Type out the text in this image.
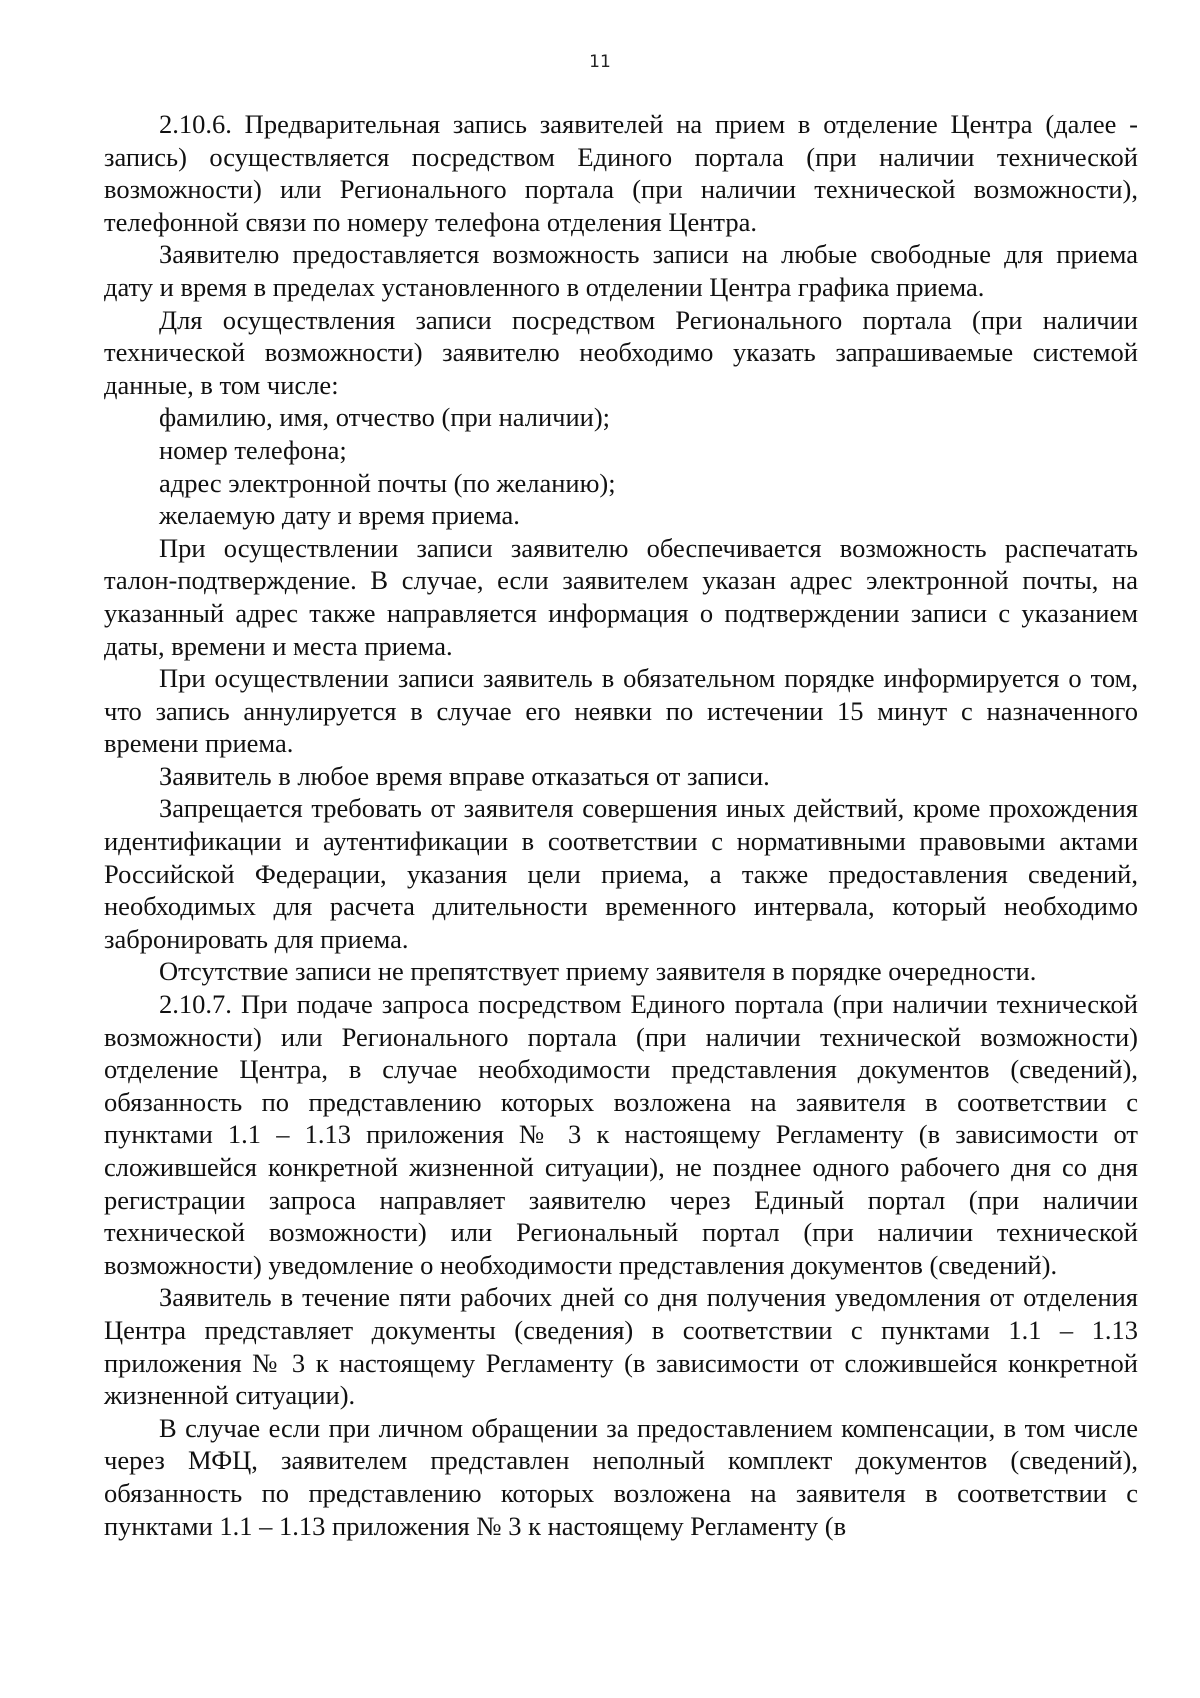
11

2.10.6. Предварительная запись заявителей на прием в отделение Центра (далее - запись) осуществляется посредством Единого портала (при наличии технической возможности) или Регионального портала (при наличии технической возможности), телефонной связи по номеру телефона отделения Центра.

Заявителю предоставляется возможность записи на любые свободные для приема дату и время в пределах установленного в отделении Центра графика приема.

Для осуществления записи посредством Регионального портала (при наличии технической возможности) заявителю необходимо указать запрашиваемые системой данные, в том числе:

фамилию, имя, отчество (при наличии);

номер телефона;

адрес электронной почты (по желанию);

желаемую дату и время приема.

При осуществлении записи заявителю обеспечивается возможность распечатать талон-подтверждение. В случае, если заявителем указан адрес электронной почты, на указанный адрес также направляется информация о подтверждении записи с указанием даты, времени и места приема.

При осуществлении записи заявитель в обязательном порядке информируется о том, что запись аннулируется в случае его неявки по истечении 15 минут с назначенного времени приема.

Заявитель в любое время вправе отказаться от записи.

Запрещается требовать от заявителя совершения иных действий, кроме прохождения идентификации и аутентификации в соответствии с нормативными правовыми актами Российской Федерации, указания цели приема, а также предоставления сведений, необходимых для расчета длительности временного интервала, который необходимо забронировать для приема.

Отсутствие записи не препятствует приему заявителя в порядке очередности.

2.10.7. При подаче запроса посредством Единого портала (при наличии технической возможности) или Регионального портала (при наличии технической возможности) отделение Центра, в случае необходимости представления документов (сведений), обязанность по представлению которых возложена на заявителя в соответствии с пунктами 1.1 – 1.13 приложения № 3 к настоящему Регламенту (в зависимости от сложившейся конкретной жизненной ситуации), не позднее одного рабочего дня со дня регистрации запроса направляет заявителю через Единый портал (при наличии технической возможности) или Региональный портал (при наличии технической возможности) уведомление о необходимости представления документов (сведений).

Заявитель в течение пяти рабочих дней со дня получения уведомления от отделения Центра представляет документы (сведения) в соответствии с пунктами 1.1 – 1.13 приложения № 3 к настоящему Регламенту (в зависимости от сложившейся конкретной жизненной ситуации).

В случае если при личном обращении за предоставлением компенсации, в том числе через МФЦ, заявителем представлен неполный комплект документов (сведений), обязанность по представлению которых возложена на заявителя в соответствии с пунктами 1.1 – 1.13 приложения № 3 к настоящему Регламенту (в
